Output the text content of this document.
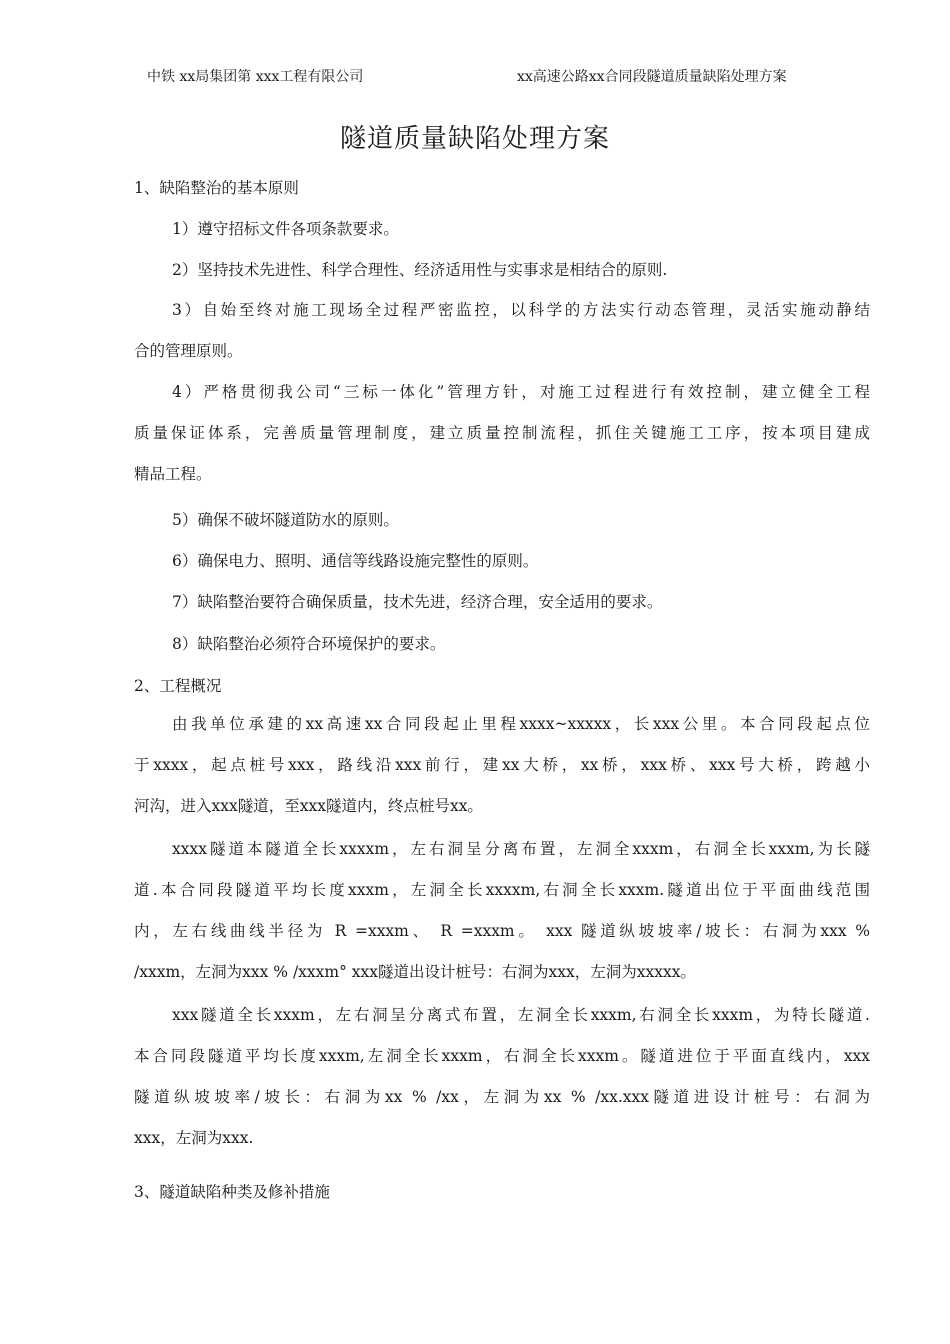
中铁 xx局集团第 xxx工程有限公司	xx高速公路xx合同段隧道质量缺陷处理方案
隧道质量缺陷处理方案
1、缺陷整治的基本原则
1）遵守招标文件各项条款要求。
2）坚持技术先进性、科学合理性、经济适用性与实事求是相结合的原则.
3）自始至终对施工现场全过程严密监控，以科学的方法实行动态管理，灵活实施动静结
合的管理原则。
4）严格贯彻我公司“三标一体化”管理方针，对施工过程进行有效控制，建立健全工程
质量保证体系，完善质量管理制度，建立质量控制流程，抓住关键施工工序，按本项目建成
精品工程。
5）确保不破坏隧道防水的原则。
6）确保电力、照明、通信等线路设施完整性的原则。
7）缺陷整治要符合确保质量，技术先进，经济合理，安全适用的要求。
8）缺陷整治必须符合环境保护的要求。
2、工程概况
由我单位承建的xx高速xx合同段起止里程xxxx~xxxxx，长xxx公里。本合同段起点位
于xxxx，起点桩号xxx，路线沿xxx前行，建xx大桥，xx桥，xxx桥、xxx号大桥，跨越小
河沟，进入xxx隧道，至xxx隧道内，终点桩号xx。
xxxx隧道本隧道全长xxxxm，左右洞呈分离布置，左洞全xxxm，右洞全长xxxm,为长隧
道.本合同段隧道平均长度xxxm，左洞全长xxxxm,右洞全长xxxm.隧道出位于平面曲线范围
内，左右线曲线半径为 R =xxxm、 R =xxxm。 xxx 隧道纵坡坡率/坡长：右洞为xxx %
/xxxm，左洞为xxx % /xxxm° xxx隧道出设计桩号：右洞为xxx，左洞为xxxxx。
xxx隧道全长xxxm，左右洞呈分离式布置，左洞全长xxxm,右洞全长xxxm，为特长隧道.
本合同段隧道平均长度xxxm,左洞全长xxxm，右洞全长xxxm。隧道进位于平面直线内，xxx
隧道纵坡坡率/坡长：右洞为xx % /xx，左洞为xx % /xx.xxx隧道进设计桩号：右洞为
xxx，左洞为xxx.
3、隧道缺陷种类及修补措施
